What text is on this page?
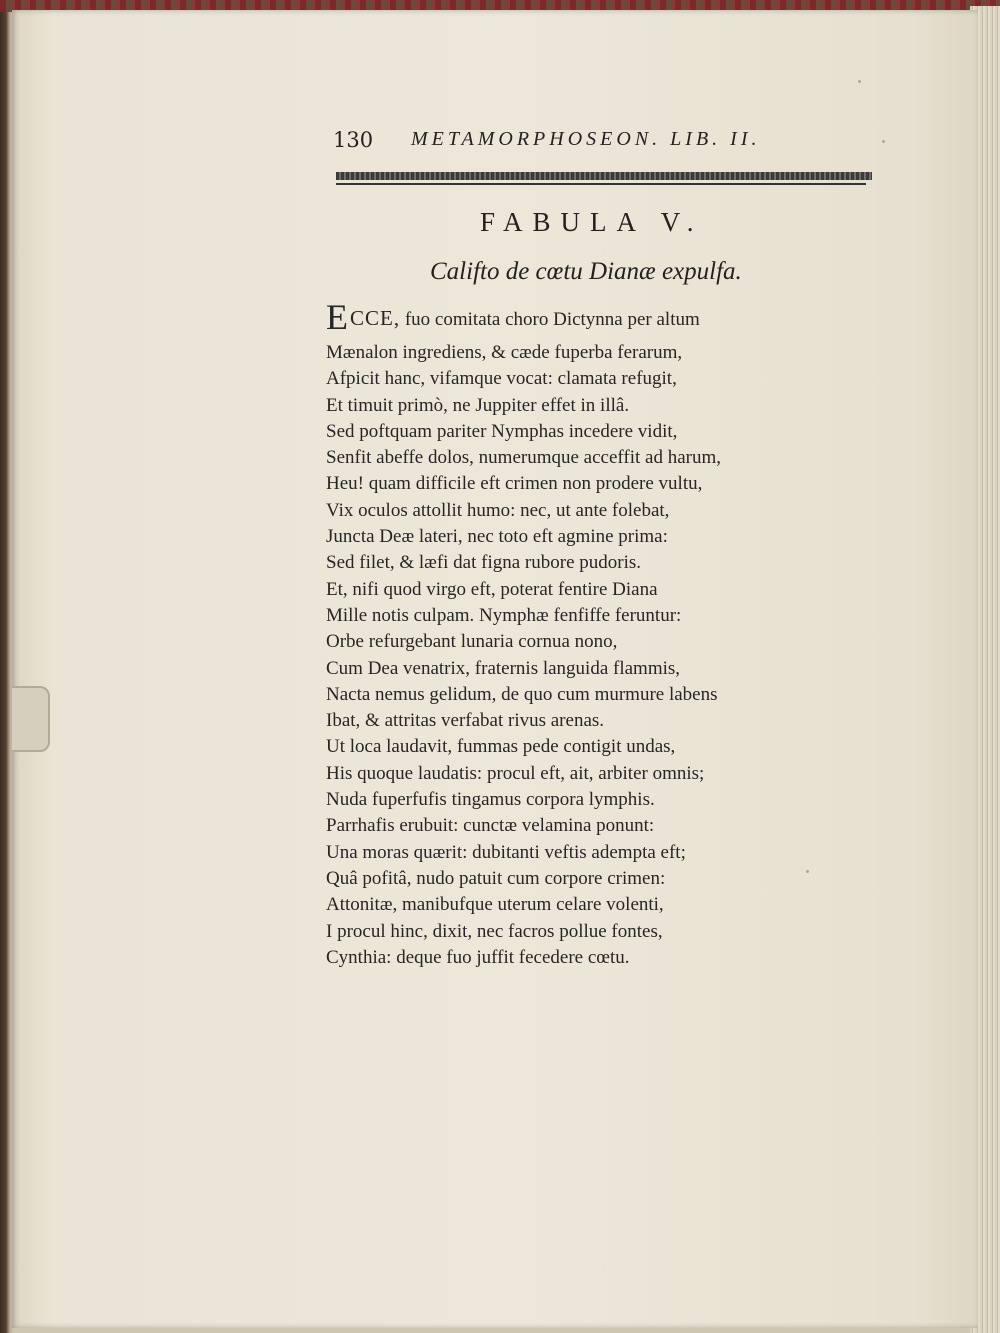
130 METAMORPHOSEON. LIB. II.
FABULA V.
Califto de cœtu Dianæ expulfa.
ECCE, fuo comitata choro Dictynna per altum
Mænalon ingrediens, & cæde fuperba ferarum,
Afpicit hanc, vifamque vocat: clamata refugit,
Et timuit primò, ne Juppiter effet in illâ.
Sed poftquam pariter Nymphas incedere vidit,
Senfit abeffe dolos, numerumque acceffit ad harum,
Heu! quam difficile eft crimen non prodere vultu,
Vix oculos attollit humo: nec, ut ante folebat,
Juncta Deæ lateri, nec toto eft agmine prima:
Sed filet, & læfi dat figna rubore pudoris.
Et, nifi quod virgo eft, poterat fentire Diana
Mille notis culpam. Nymphæ fenfiffe feruntur:
Orbe refurgebant lunaria cornua nono,
Cum Dea venatrix, fraternis languida flammis,
Nacta nemus gelidum, de quo cum murmure labens
Ibat, & attritas verfabat rivus arenas.
Ut loca laudavit, fummas pede contigit undas,
His quoque laudatis: procul eft, ait, arbiter omnis;
Nuda fuperfufis tingamus corpora lymphis.
Parrhafis erubuit: cunctæ velamina ponunt:
Una moras quærit: dubitanti veftis adempta eft;
Quâ pofitâ, nudo patuit cum corpore crimen:
Attonitæ, manibufque uterum celare volenti,
I procul hinc, dixit, nec facros pollue fontes,
Cynthia: deque fuo juffit fecedere cœtu.
